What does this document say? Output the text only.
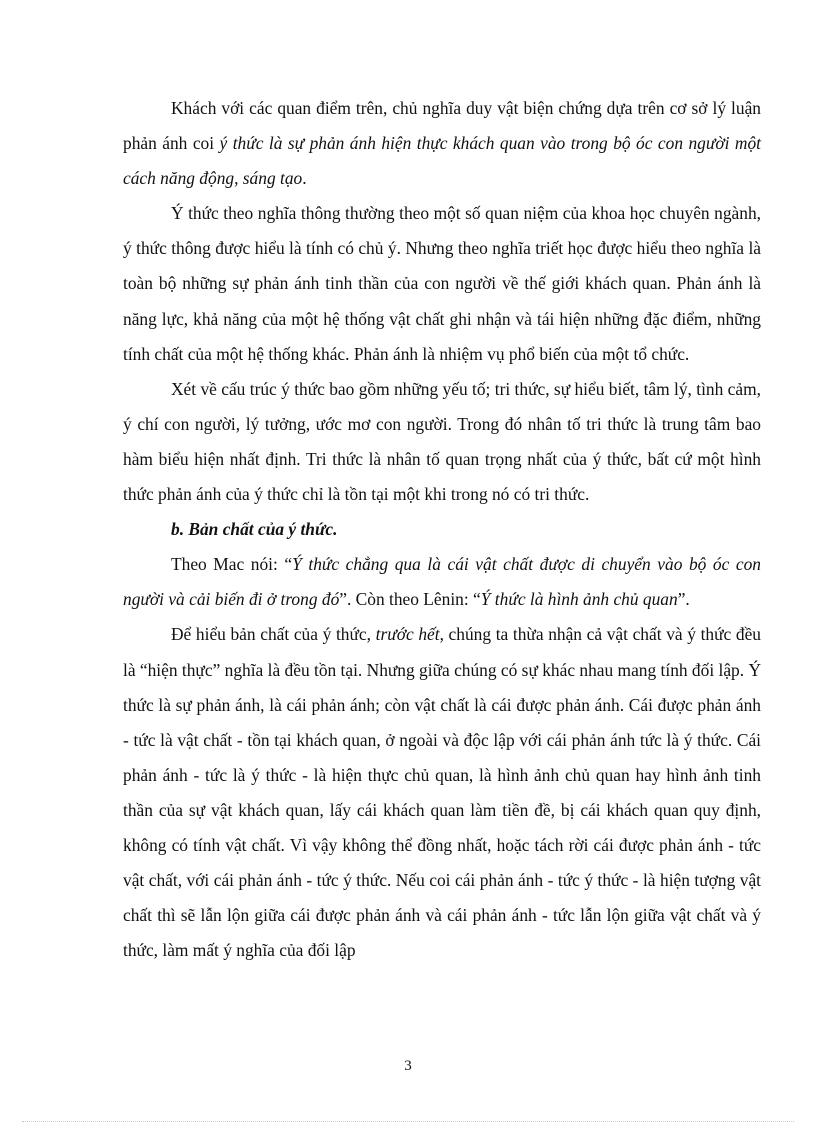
Khách với các quan điểm trên, chủ nghĩa duy vật biện chứng dựa trên cơ sở lý luận phản ánh coi ý thức là sự phản ánh hiện thực khách quan vào trong bộ óc con người một cách năng động, sáng tạo.

Ý thức theo nghĩa thông thường theo một số quan niệm của khoa học chuyên ngành, ý thức thông được hiểu là tính có chủ ý. Nhưng theo nghĩa triết học được hiểu theo nghĩa là toàn bộ những sự phản ánh tinh thần của con người về thế giới khách quan. Phản ánh là năng lực, khả năng của một hệ thống vật chất ghi nhận và tái hiện những đặc điểm, những tính chất của một hệ thống khác. Phản ánh là nhiệm vụ phổ biến của một tổ chức.

Xét về cấu trúc ý thức bao gồm những yếu tố; tri thức, sự hiểu biết, tâm lý, tình cảm, ý chí con người, lý tưởng, ước mơ con người. Trong đó nhân tố tri thức là trung tâm bao hàm biểu hiện nhất định. Tri thức là nhân tố quan trọng nhất của ý thức, bất cứ một hình thức phản ánh của ý thức chỉ là tồn tại một khi trong nó có tri thức.

b. Bản chất của ý thức.

Theo Mac nói: “Ý thức chẳng qua là cái vật chất được di chuyển vào bộ óc con người và cải biến đi ở trong đó”. Còn theo Lênin: “Ý thức là hình ảnh chủ quan”.

Để hiểu bản chất của ý thức, trước hết, chúng ta thừa nhận cả vật chất và ý thức đều là “hiện thực” nghĩa là đều tồn tại. Nhưng giữa chúng có sự khác nhau mang tính đối lập. Ý thức là sự phản ánh, là cái phản ánh; còn vật chất là cái được phản ánh. Cái được phản ánh - tức là vật chất - tồn tại khách quan, ở ngoài và độc lập với cái phản ánh tức là ý thức. Cái phản ánh - tức là ý thức - là hiện thực chủ quan, là hình ảnh chủ quan hay hình ảnh tinh thần của sự vật khách quan, lấy cái khách quan làm tiền đề, bị cái khách quan quy định, không có tính vật chất. Vì vậy không thể đồng nhất, hoặc tách rời cái được phản ánh - tức vật chất, với cái phản ánh - tức ý thức. Nếu coi cái phản ánh - tức ý thức - là hiện tượng vật chất thì sẽ lẫn lộn giữa cái được phản ánh và cái phản ánh - tức lẫn lộn giữa vật chất và ý thức, làm mất ý nghĩa của đối lập

3
